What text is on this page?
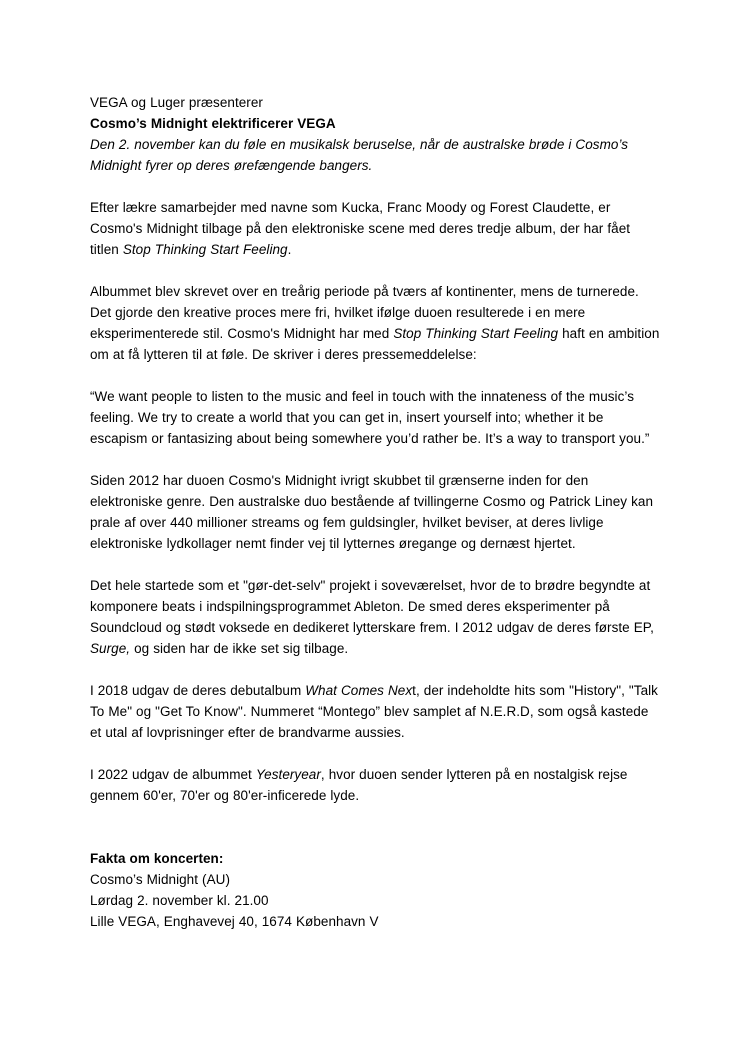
VEGA og Luger præsenterer

Cosmo’s Midnight elektrificerer VEGA

Den 2. november kan du føle en musikalsk beruselse, når de australske brøde i Cosmo’s Midnight fyrer op deres ørefængende bangers.

Efter lækre samarbejder med navne som Kucka, Franc Moody og Forest Claudette, er Cosmo's Midnight tilbage på den elektroniske scene med deres tredje album, der har fået titlen Stop Thinking Start Feeling.

Albummet blev skrevet over en treårig periode på tværs af kontinenter, mens de turnerede. Det gjorde den kreative proces mere fri, hvilket ifølge duoen resulterede i en mere eksperimenterede stil. Cosmo's Midnight har med Stop Thinking Start Feeling haft en ambition om at få lytteren til at føle. De skriver i deres pressemeddelelse:

“We want people to listen to the music and feel in touch with the innateness of the music’s feeling. We try to create a world that you can get in, insert yourself into; whether it be escapism or fantasizing about being somewhere you’d rather be. It’s a way to transport you.”

Siden 2012 har duoen Cosmo's Midnight ivrigt skubbet til grænserne inden for den elektroniske genre. Den australske duo bestående af tvillingerne Cosmo og Patrick Liney kan prale af over 440 millioner streams og fem guldsingler, hvilket beviser, at deres livlige elektroniske lydkollager nemt finder vej til lytternes øregange og dernæst hjertet.

Det hele startede som et "gør-det-selv" projekt i soveværelset, hvor de to brødre begyndte at komponere beats i indspilningsprogrammet Ableton. De smed deres eksperimenter på Soundcloud og stødt voksede en dedikeret lytterskare frem. I 2012 udgav de deres første EP, Surge, og siden har de ikke set sig tilbage.

I 2018 udgav de deres debutalbum What Comes Next, der indeholdte hits som "History", "Talk To Me" og "Get To Know". Nummeret “Montego” blev samplet af N.E.R.D, som også kastede et utal af lovprisninger efter de brandvarme aussies.

I 2022 udgav de albummet Yesteryear, hvor duoen sender lytteren på en nostalgisk rejse gennem 60'er, 70'er og 80'er-inficerede lyde.

Fakta om koncerten:

Cosmo’s Midnight (AU)

Lørdag 2. november kl. 21.00

Lille VEGA, Enghavevej 40, 1674 København V
